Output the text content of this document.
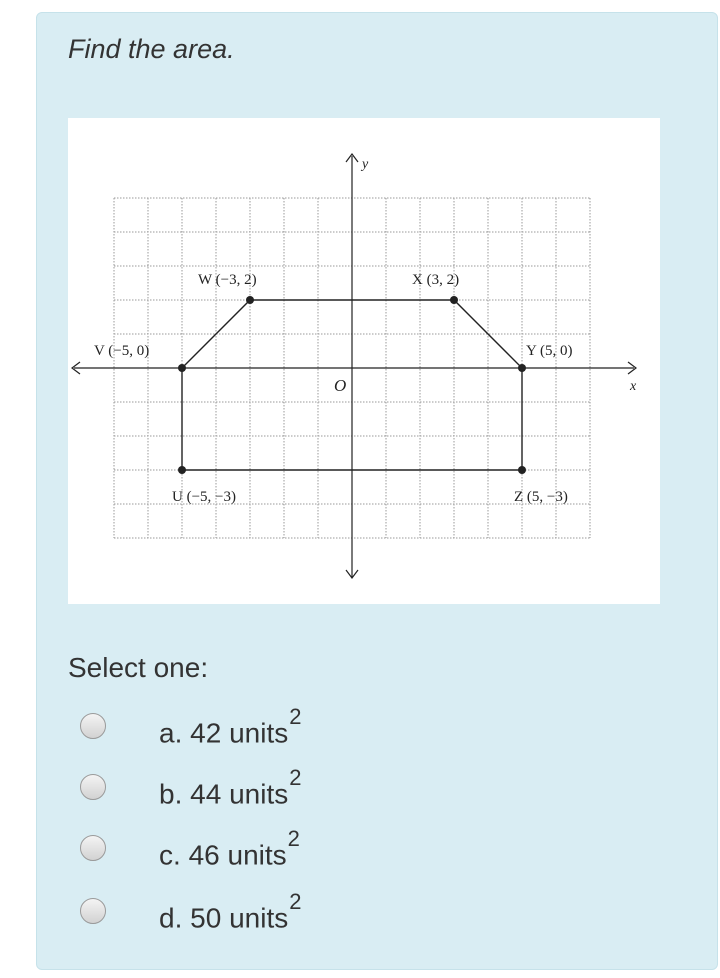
Find the area.
x
y
O
W (−3, 2)	X (3, 2)
V (−5, 0)	Y (5, 0)
U (−5, −3)	Z (5, −3)
Select one:
a. 42 units$^2$
b. 44 units$^2$
c. 46 units$^2$
d. 50 units$^2$
